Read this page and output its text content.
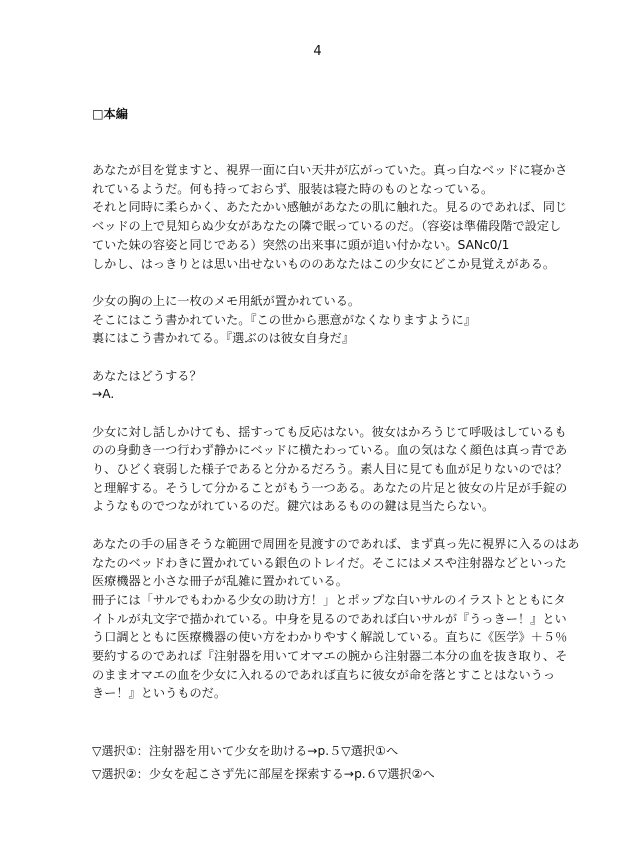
4
□本編
あなたが目を覚ますと、視界一面に白い天井が広がっていた。真っ白なベッドに寝かさ
れているようだ。何も持っておらず、服装は寝た時のものとなっている。
それと同時に柔らかく、あたたかい感触があなたの肌に触れた。見るのであれば、同じ
ベッドの上で見知らぬ少女があなたの隣で眠っているのだ。（容姿は準備段階で設定し
ていた妹の容姿と同じである）突然の出来事に頭が追い付かない。SANc0/1
しかし、はっきりとは思い出せないもののあなたはこの少女にどこか見覚えがある。
少女の胸の上に一枚のメモ用紙が置かれている。
そこにはこう書かれていた。『この世から悪意がなくなりますように』
裏にはこう書かれてる。『選ぶのは彼女自身だ』
あなたはどうする？
→A.
少女に対し話しかけても、揺すっても反応はない。彼女はかろうじて呼吸はしているも
のの身動き一つ行わず静かにベッドに横たわっている。血の気はなく顔色は真っ青であ
り、ひどく衰弱した様子であると分かるだろう。素人目に見ても血が足りないのでは？
と理解する。そうして分かることがもう一つある。あなたの片足と彼女の片足が手錠の
ようなものでつながれているのだ。鍵穴はあるものの鍵は見当たらない。
あなたの手の届きそうな範囲で周囲を見渡すのであれば、まず真っ先に視界に入るのはあ
なたのベッドわきに置かれている銀色のトレイだ。そこにはメスや注射器などといった
医療機器と小さな冊子が乱雑に置かれている。
冊子には「サルでもわかる少女の助け方！」とポップな白いサルのイラストとともにタ
イトルが丸文字で描かれている。中身を見るのであれば白いサルが『うっきー！』とい
う口調とともに医療機器の使い方をわかりやすく解説している。直ちに《医学》＋５％
要約するのであれば『注射器を用いてオマエの腕から注射器二本分の血を抜き取り、そ
のままオマエの血を少女に入れるのであれば直ちに彼女が命を落とすことはないうっ
きー！』というものだ。
▽選択①：注射器を用いて少女を助ける→p.５▽選択①へ
▽選択②：少女を起こさず先に部屋を探索する→p.６▽選択②へ
